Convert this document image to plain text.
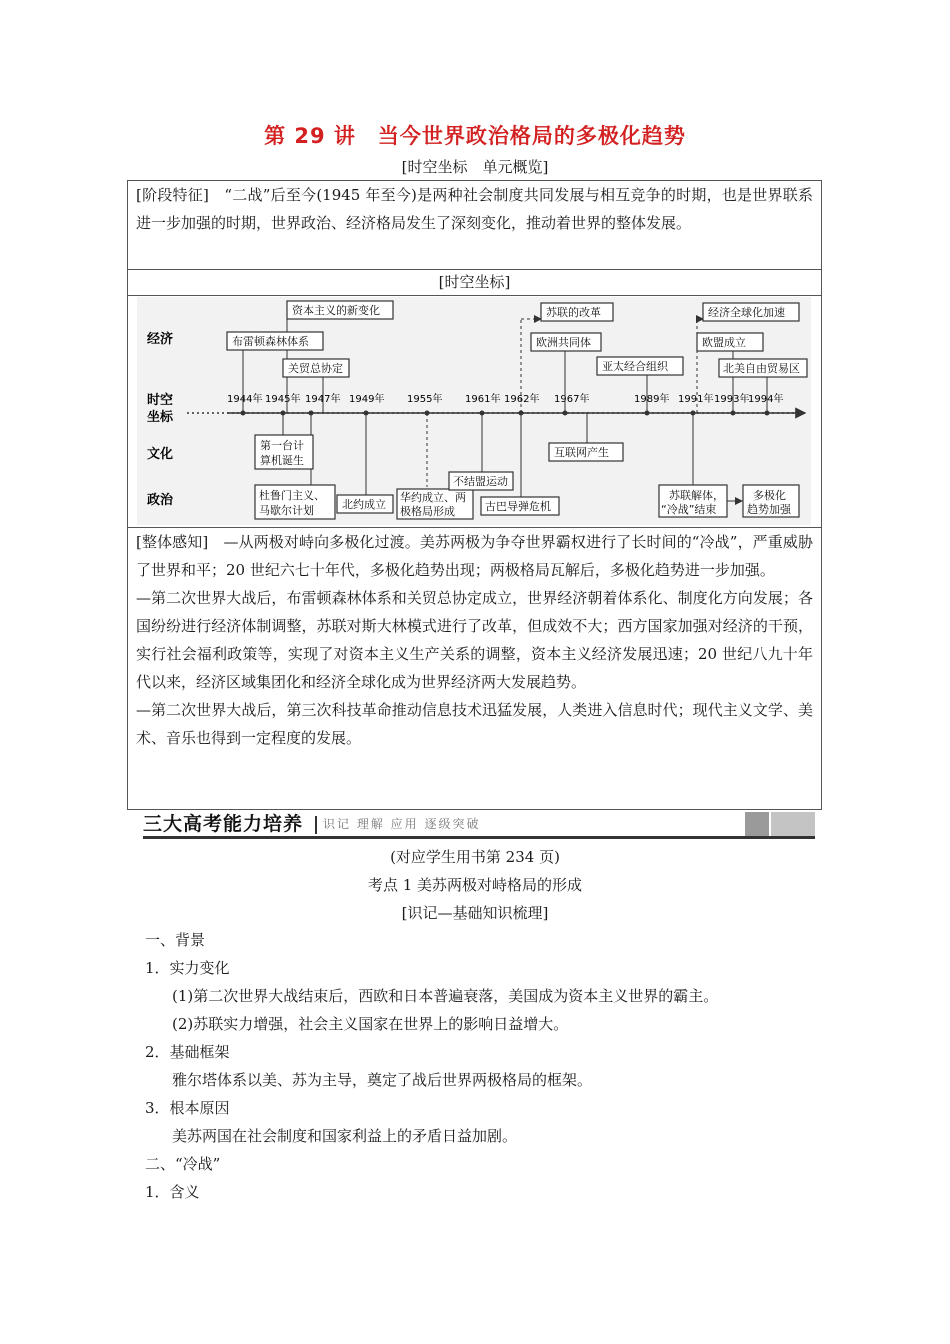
第 29 讲　当今世界政治格局的多极化趋势
[时空坐标　单元概览]

[阶段特征]　“二战”后至今(1945 年至今)是两种社会制度共同发展与相互竞争的时期，也是世界联系进一步加强的时期，世界政治、经济格局发生了深刻变化，推动着世界的整体发展。

[时空坐标]
经济
时空
坐标
文化
政治
1944年 1945年 1947年 1949年 1955年 1961年 1962年 1967年	1989年 1991年 1993年
1994年
资本主义的新变化
布雷顿森林体系
关贸总协定
苏联的改革
欧洲共同体
亚太经合组织
经济全球化加速
欧盟成立
北美自由贸易区
第一台计
算机诞生
互联网产生
杜鲁门主义、
马歇尔计划	北约成立
华约成立、两
极格局形成
不结盟运动
古巴导弹危机
苏联解体，
“冷战”结束
多极化
趋势加强

[整体感知]　—从两极对峙向多极化过渡。美苏两极为争夺世界霸权进行了长时间的“冷战”，严重威胁了世界和平；20 世纪六七十年代，多极化趋势出现；两极格局瓦解后，多极化趋势进一步加强。

—第二次世界大战后，布雷顿森林体系和关贸总协定成立，世界经济朝着体系化、制度化方向发展；各国纷纷进行经济体制调整，苏联对斯大林模式进行了改革，但成效不大；西方国家加强对经济的干预，实行社会福利政策等，实现了对资本主义生产关系的调整，资本主义经济发展迅速；20 世纪八九十年代以来，经济区域集团化和经济全球化成为世界经济两大发展趋势。

—第二次世界大战后，第三次科技革命推动信息技术迅猛发展，人类进入信息时代；现代主义文学、美术、音乐也得到一定程度的发展。

三大高考能力培养	识记 理解 应用 逐级突破
(对应学生用书第 234 页)
考点 1 美苏两极对峙格局的形成
[识记—基础知识梳理]
一、背景
1．实力变化
(1)第二次世界大战结束后，西欧和日本普遍衰落，美国成为资本主义世界的霸主。
(2)苏联实力增强，社会主义国家在世界上的影响日益增大。
2．基础框架
雅尔塔体系以美、苏为主导，奠定了战后世界两极格局的框架。
3．根本原因
美苏两国在社会制度和国家利益上的矛盾日益加剧。
二、“冷战”
1．含义
